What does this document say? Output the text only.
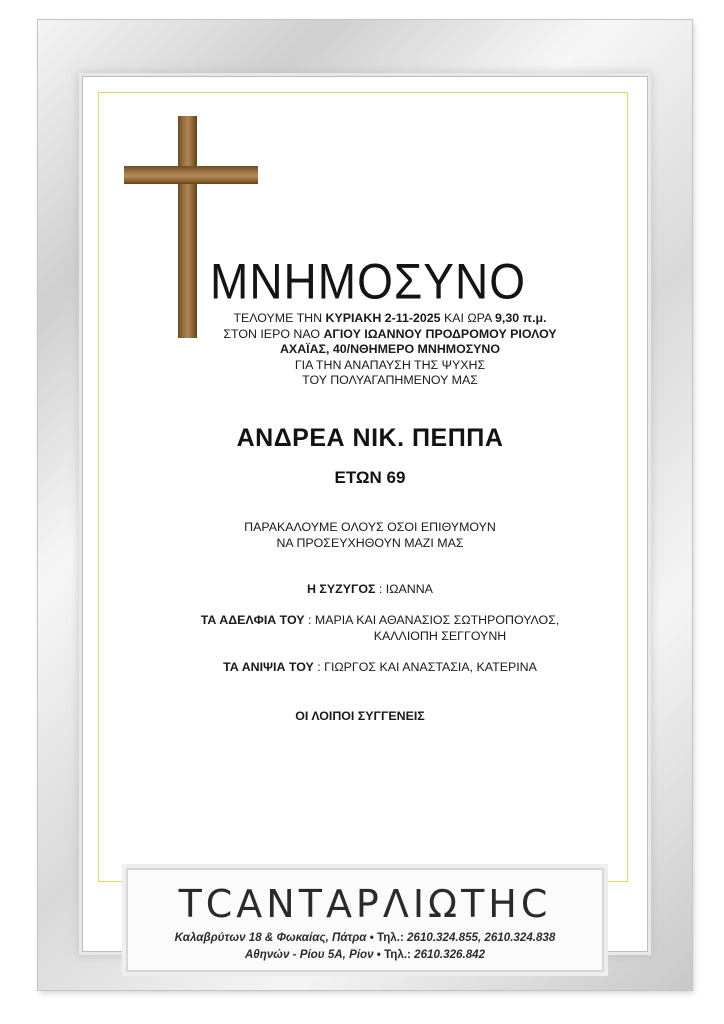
ΜΝΗΜΟΣΥΝΟ
ΤΕΛΟΥΜΕ ΤΗΝ ΚΥΡΙΑΚΗ 2-11-2025 ΚΑΙ ΩΡΑ 9,30 π.μ.
ΣΤΟΝ ΙΕΡΟ ΝΑΟ ΑΓΙΟΥ ΙΩΑΝΝΟΥ ΠΡΟΔΡΟΜΟΥ ΡΙΟΛΟΥ
ΑΧΑΪΑΣ, 40/ΝΘΗΜΕΡΟ ΜΝΗΜΟΣΥΝΟ
ΓΙΑ ΤΗΝ ΑΝΑΠΑΥΣΗ ΤΗΣ ΨΥΧΗΣ
ΤΟΥ ΠΟΛΥΑΓΑΠΗΜΕΝΟΥ ΜΑΣ
ΑΝΔΡΕΑ ΝΙΚ. ΠΕΠΠΑ
ΕΤΩΝ 69
ΠΑΡΑΚΑΛΟΥΜΕ ΟΛΟΥΣ ΟΣΟΙ ΕΠΙΘΥΜΟΥΝ
ΝΑ ΠΡΟΣΕΥΧΗΘΟΥΝ ΜΑΖΙ ΜΑΣ
Η ΣΥΖΥΓΟΣ : ΙΩΑΝΝΑ
ΤΑ ΑΔΕΛΦΙΑ ΤΟΥ : ΜΑΡΙΑ ΚΑΙ ΑΘΑΝΑΣΙΟΣ ΣΩΤΗΡΟΠΟΥΛΟΣ,
ΚΑΛΛΙΟΠΗ ΣΕΓΓΟΥΝΗ
ΤΑ ΑΝΙΨΙΑ ΤΟΥ : ΓΙΩΡΓΟΣ ΚΑΙ ΑΝΑΣΤΑΣΙΑ, ΚΑΤΕΡΙΝΑ
ΟΙ ΛΟΙΠΟΙ ΣΥΓΓΕΝΕΙΣ
ΤCΑΝΤΑΡΛΙΩΤΗC
Καλαβρύτων 18 & Φωκαίας, Πάτρα • Τηλ.: 2610.324.855, 2610.324.838
Αθηνών - Ρίου 5Α, Ρίον • Τηλ.: 2610.326.842
